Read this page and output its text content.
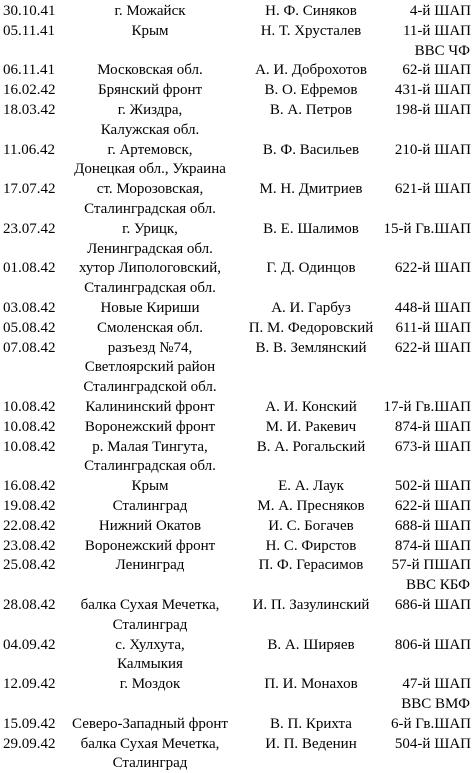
30.10.41	г. Можайск	Н. Ф. Синяков	4-й ШАП
05.11.41	Крым	Н. Т. Хрусталев	11-й ШАП
ВВС ЧФ
06.11.41	Московская обл.	А. И. Доброхотов	62-й ШАП
16.02.42	Брянский фронт	В. О. Ефремов	431-й ШАП
18.03.42	г. Жиздра,	В. А. Петров	198-й ШАП
Калужская обл.
11.06.42	г. Артемовск,	В. Ф. Васильев	210-й ШАП
Донецкая обл., Украина
17.07.42	ст. Морозовская,	М. Н. Дмитриев	621-й ШАП
Сталинградская обл.
23.07.42	г. Урицк,	В. Е. Шалимов	15-й Гв.ШАП
Ленинградская обл.
01.08.42	хутор Липологовский,	Г. Д. Одинцов	622-й ШАП
Сталинградская обл.
03.08.42	Новые Кириши	А. И. Гарбуз	448-й ШАП
05.08.42	Смоленская обл.	П. М. Федоровский	611-й ШАП
07.08.42	разъезд №74,	В. В. Землянский	622-й ШАП
Светлоярский район
Сталинградской обл.
10.08.42	Калининский фронт	А. И. Конский	17-й Гв.ШАП
10.08.42	Воронежский фронт	М. И. Ракевич	874-й ШАП
10.08.42	р. Малая Тингута,	В. А. Рогальский	673-й ШАП
Сталинградская обл.
16.08.42	Крым	Е. А. Лаук	502-й ШАП
19.08.42	Сталинград	М. А. Пресняков	622-й ШАП
22.08.42	Нижний Окатов	И. С. Богачев	688-й ШАП
23.08.42	Воронежский фронт	Н. С. Фирстов	874-й ШАП
25.08.42	Ленинград	П. Ф. Герасимов	57-й ПШАП
ВВС КБФ
28.08.42	балка Сухая Мечетка,	И. П. Зазулинский	686-й ШАП
Сталинград
04.09.42	с. Хулхута,	В. А. Ширяев	806-й ШАП
Калмыкия
12.09.42	г. Моздок	П. И. Монахов	47-й ШАП
ВВС ВМФ
15.09.42	Северо-Западный фронт	В. П. Крихта	6-й Гв.ШАП
29.09.42	балка Сухая Мечетка,	И. П. Веденин	504-й ШАП
Сталинград
